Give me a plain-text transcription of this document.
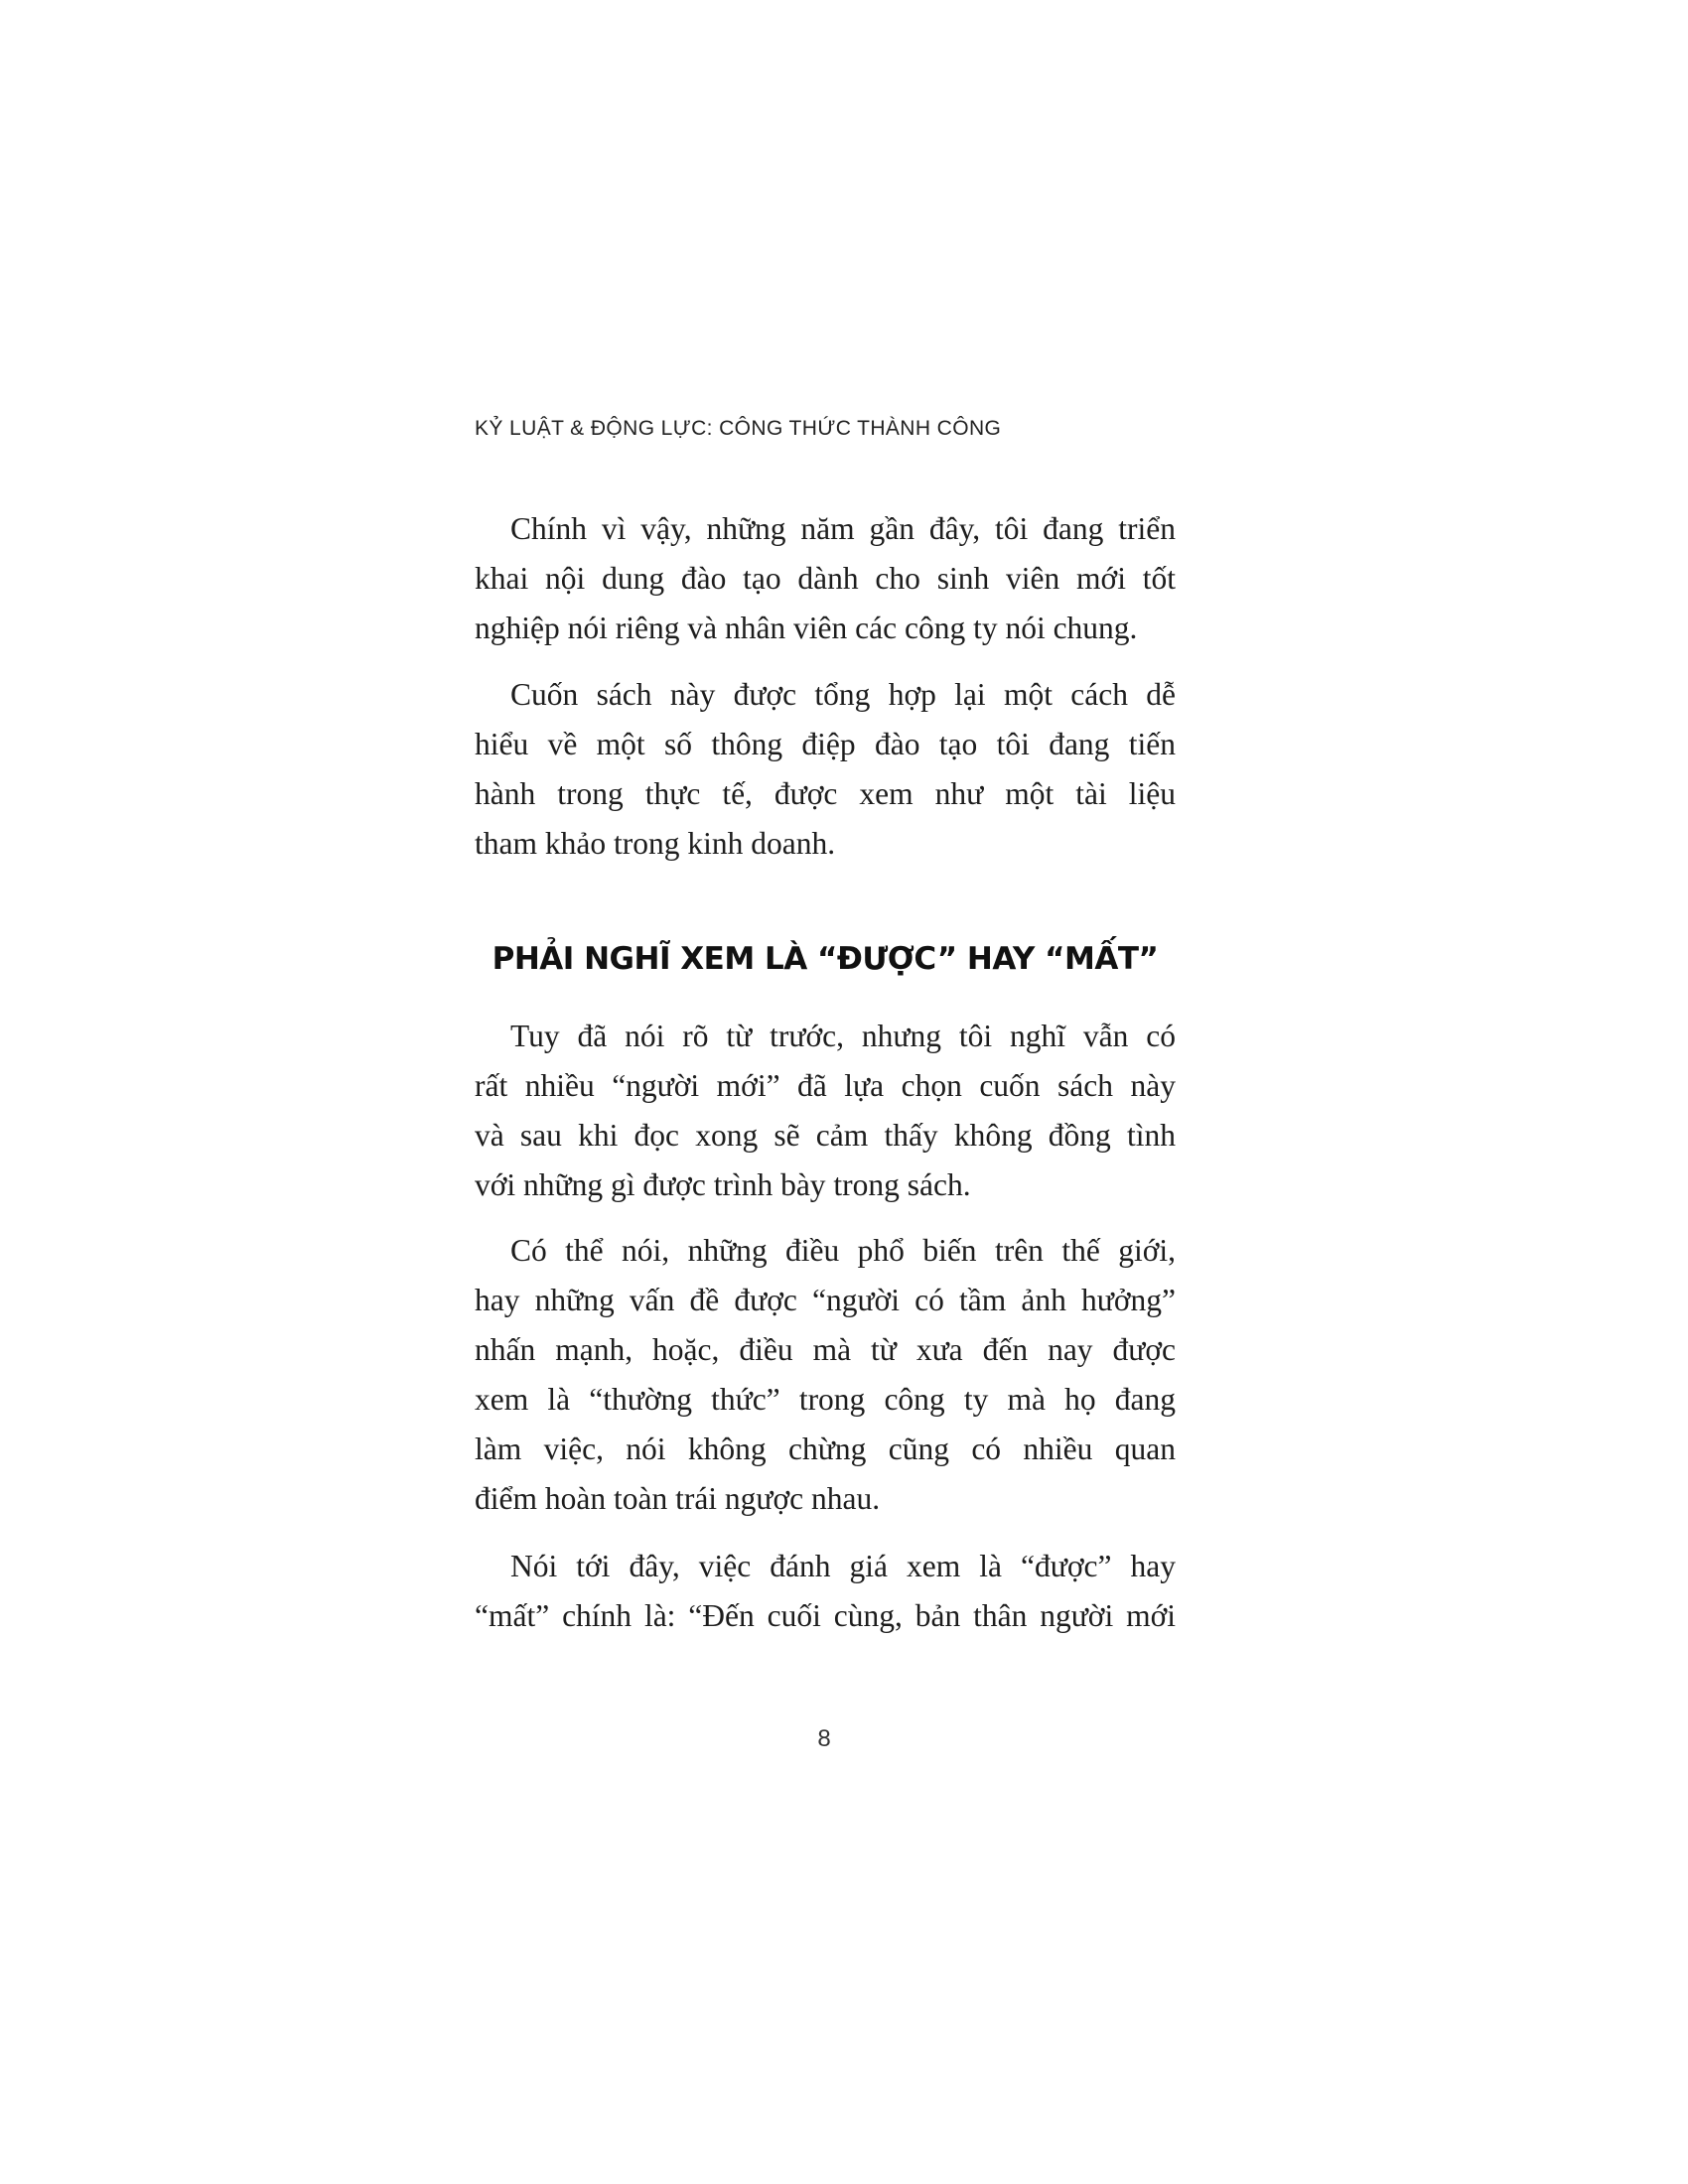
KỶ LUẬT & ĐỘNG LỰC: CÔNG THỨC THÀNH CÔNG
Chính vì vậy, những năm gần đây, tôi đang triển
khai nội dung đào tạo dành cho sinh viên mới tốt
nghiệp nói riêng và nhân viên các công ty nói chung.
Cuốn sách này được tổng hợp lại một cách dễ
hiểu về một số thông điệp đào tạo tôi đang tiến
hành trong thực tế, được xem như một tài liệu
tham khảo trong kinh doanh.
PHẢI NGHĨ XEM LÀ “ĐƯỢC” HAY “MẤT”
Tuy đã nói rõ từ trước, nhưng tôi nghĩ vẫn có
rất nhiều “người mới” đã lựa chọn cuốn sách này
và sau khi đọc xong sẽ cảm thấy không đồng tình
với những gì được trình bày trong sách.
Có thể nói, những điều phổ biến trên thế giới,
hay những vấn đề được “người có tầm ảnh hưởng”
nhấn mạnh, hoặc, điều mà từ xưa đến nay được
xem là “thường thức” trong công ty mà họ đang
làm việc, nói không chừng cũng có nhiều quan
điểm hoàn toàn trái ngược nhau.
Nói tới đây, việc đánh giá xem là “được” hay
“mất” chính là: “Đến cuối cùng, bản thân người mới
8
